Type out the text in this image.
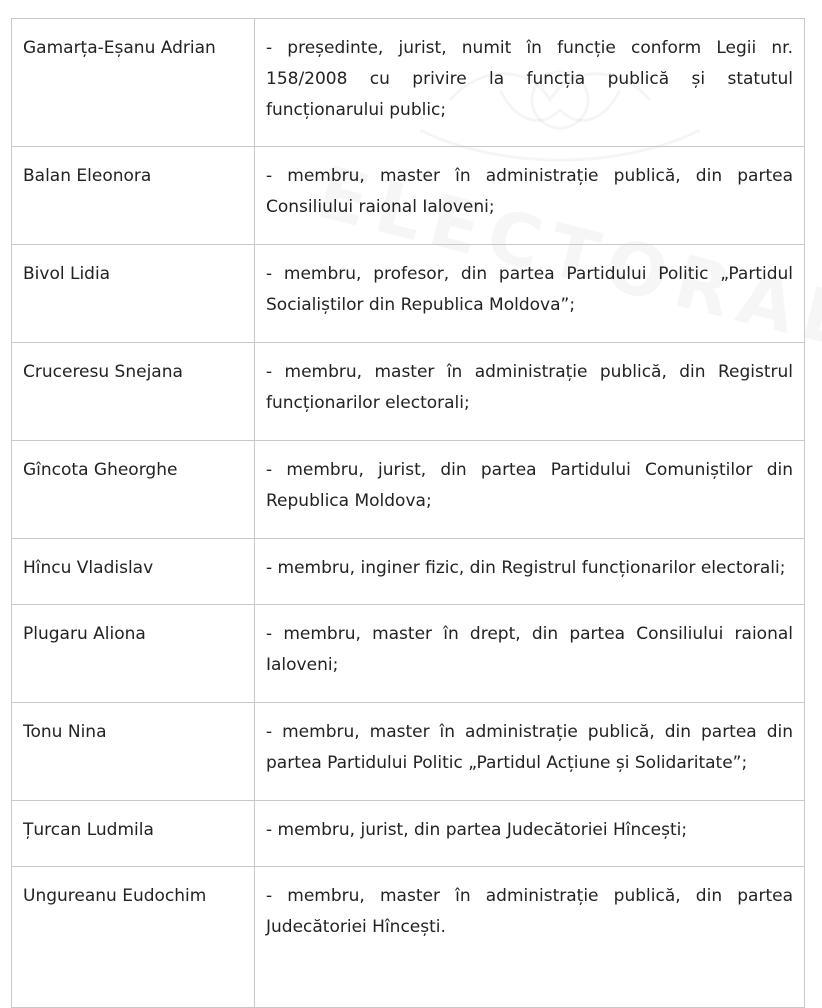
Gamarța-Eșanu Adrian	- președinte, jurist, numit în funcție conform Legii nr. 158/2008 cu privire la funcția publică și statutul funcționarului public;
Balan Eleonora	- membru, master în administrație publică, din partea Consiliului raional Ialoveni;
Bivol Lidia	- membru, profesor, din partea Partidului Politic „Partidul Socialiștilor din Republica Moldova”;
Cruceresu Snejana	- membru, master în administrație publică, din Registrul funcționarilor electorali;
Gîncota Gheorghe	- membru, jurist, din partea Partidului Comuniștilor din Republica Moldova;
Hîncu Vladislav	- membru, inginer fizic, din Registrul funcționarilor electorali;
Plugaru Aliona	- membru, master în drept, din partea Consiliului raional Ialoveni;
Tonu Nina	- membru, master în administrație publică, din partea din partea Partidului Politic „Partidul Acțiune și Solidaritate”;
Țurcan Ludmila	- membru, jurist, din partea Judecătoriei Hîncești;
Ungureanu Eudochim	- membru, master în administrație publică, din partea Judecătoriei Hîncești.
